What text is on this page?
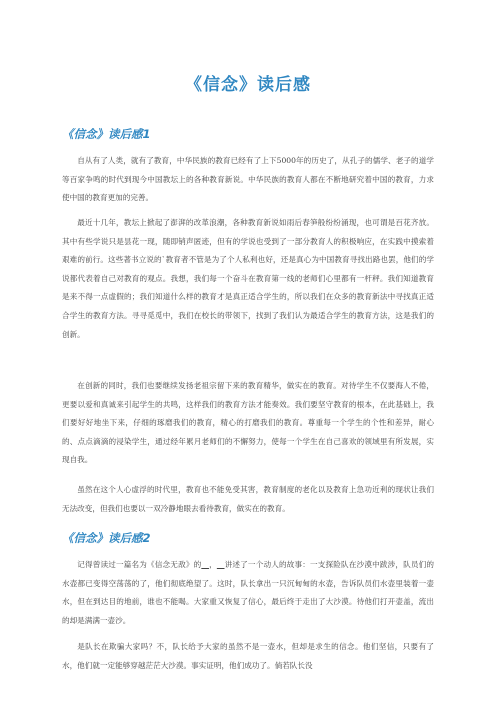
《信念》读后感
《信念》读后感1

自从有了人类，就有了教育，中华民族的教育已经有了上下5000年的历史了，从孔子的儒学、老子的道学等百家争鸣的时代到现今中国教坛上的各种教育新说。中华民族的教育人都在不断地研究着中国的教育，力求使中国的教育更加的完善。

最近十几年，教坛上掀起了澎湃的改革浪潮，各种教育新说如雨后春笋般纷纷涌现，也可谓是百花齐放。其中有些学说只是昙花一现，随即销声匿迹，但有的学说也受到了一部分教育人的积极响应，在实践中摸索着艰难的前行。这些著书立说的`教育者不管是为了个人私利也好，还是真心为中国教育寻找出路也罢，他们的学说都代表着自己对教育的观点。我想，我们每一个奋斗在教育第一线的老师们心里都有一杆秤。我们知道教育是来不得一点虚假的；我们知道什么样的教育才是真正适合学生的，所以我们在众多的教育新法中寻找真正适合学生的教育方法。寻寻觅觅中，我们在校长的带领下，找到了我们认为最适合学生的教育方法，这是我们的创新。

在创新的同时，我们也要继续发扬老祖宗留下来的教育精华，做实在的教育。对待学生不仅要海人不倦，更要以爱和真诚来引起学生的共鸣，这样我们的教育方法才能奏效。我们要坚守教育的根本，在此基础上，我们要好好地坐下来，仔细的琢磨我们的教育，精心的打磨我们的教育。尊重每一个学生的个性和差异，耐心的、点点滴滴的浸染学生，通过经年累月老师们的不懈努力，使每一个学生在自己喜欢的领域里有所发展，实现自我。

虽然在这个人心虚浮的时代里，教育也不能免受其害，教育制度的老化以及教育上急功近利的现状让我们无法改变，但我们也要以一双冷静地眼去看待教育，做实在的教育。

《信念》读后感2

记得曾读过一篇名为《信念无敌》的__，__讲述了一个动人的故事：一支探险队在沙漠中跋涉，队员们的水壶都已变得空荡荡的了，他们彻底绝望了。这时，队长拿出一只沉甸甸的水壶，告诉队员们水壶里装着一壶水，但在到达目的地前，谁也不能喝。大家重又恢复了信心，最后终于走出了大沙漠。待他们打开壶盖，流出的却是满满一壶沙。

是队长在欺骗大家吗？不，队长给予大家的虽然不是一壶水，但却是求生的信念。他们坚信，只要有了水，他们就一定能够穿越茫茫大沙漠。事实证明，他们成功了。倘若队长没
